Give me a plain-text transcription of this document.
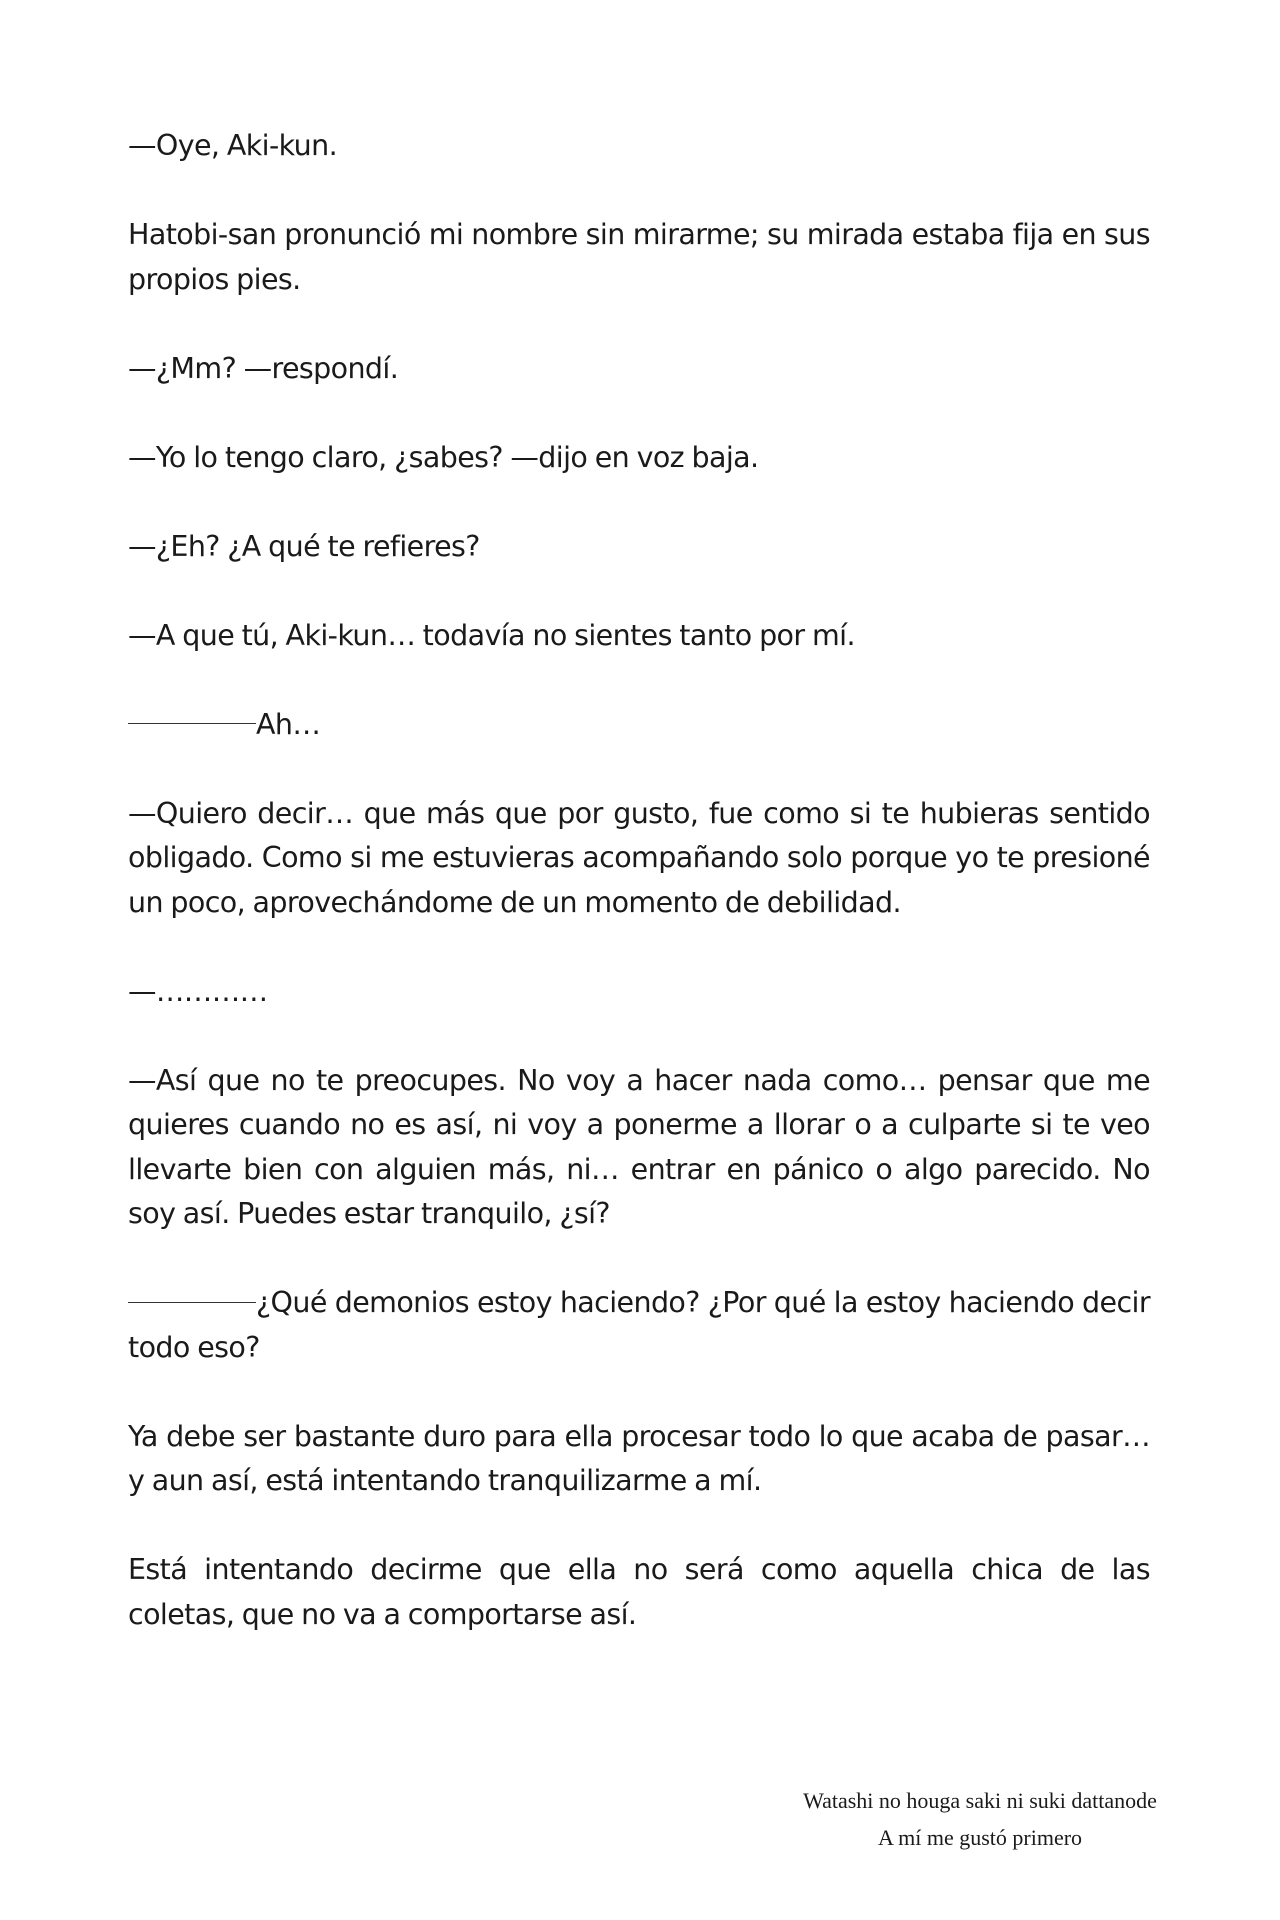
—Oye, Aki-kun.

Hatobi-san pronunció mi nombre sin mirarme; su mirada estaba fija en sus propios pies.

—¿Mm? —respondí.

—Yo lo tengo claro, ¿sabes? —dijo en voz baja.

—¿Eh? ¿A qué te refieres?

—A que tú, Aki-kun… todavía no sientes tanto por mí.

Ah…

—Quiero decir… que más que por gusto, fue como si te hubieras sentido obligado. Como si me estuvieras acompañando solo porque yo te presioné un poco, aprovechándome de un momento de debilidad.

—…………

—Así que no te preocupes. No voy a hacer nada como… pensar que me quieres cuando no es así, ni voy a ponerme a llorar o a culparte si te veo llevarte bien con alguien más, ni… entrar en pánico o algo parecido. No soy así. Puedes estar tranquilo, ¿sí?

¿Qué demonios estoy haciendo? ¿Por qué la estoy haciendo decir todo eso?

Ya debe ser bastante duro para ella procesar todo lo que acaba de pasar… y aun así, está intentando tranquilizarme a mí.

Está intentando decirme que ella no será como aquella chica de las coletas, que no va a comportarse así.

Watashi no houga saki ni suki dattanode
A mí me gustó primero
